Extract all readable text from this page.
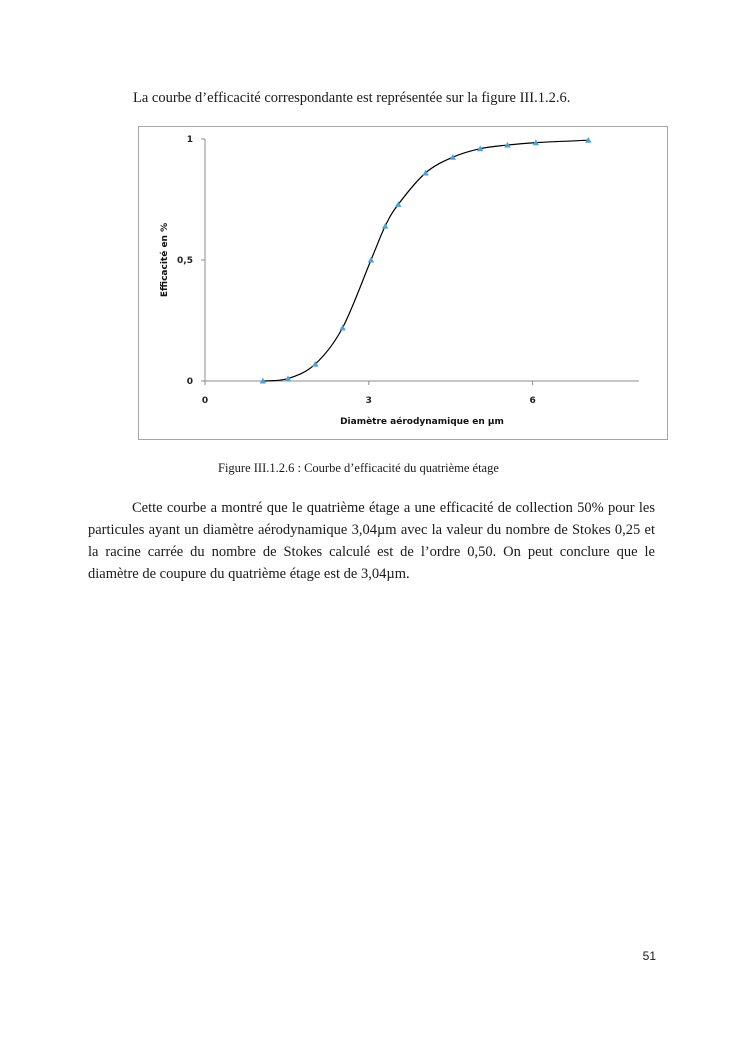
La courbe d’efficacité correspondante est représentée sur la figure III.1.2.6.

0
0,5
1
0	3	6
Diamètre aérodynamique en µm
Efficacité en %

Figure III.1.2.6 : Courbe d’efficacité du quatrième étage

Cette courbe a montré que le quatrième étage a une efficacité de collection 50% pour les particules ayant un diamètre aérodynamique 3,04µm avec la valeur du nombre de Stokes 0,25 et la racine carrée du nombre de Stokes calculé est de l’ordre 0,50. On peut conclure que le diamètre de coupure du quatrième étage est de 3,04µm.

51
